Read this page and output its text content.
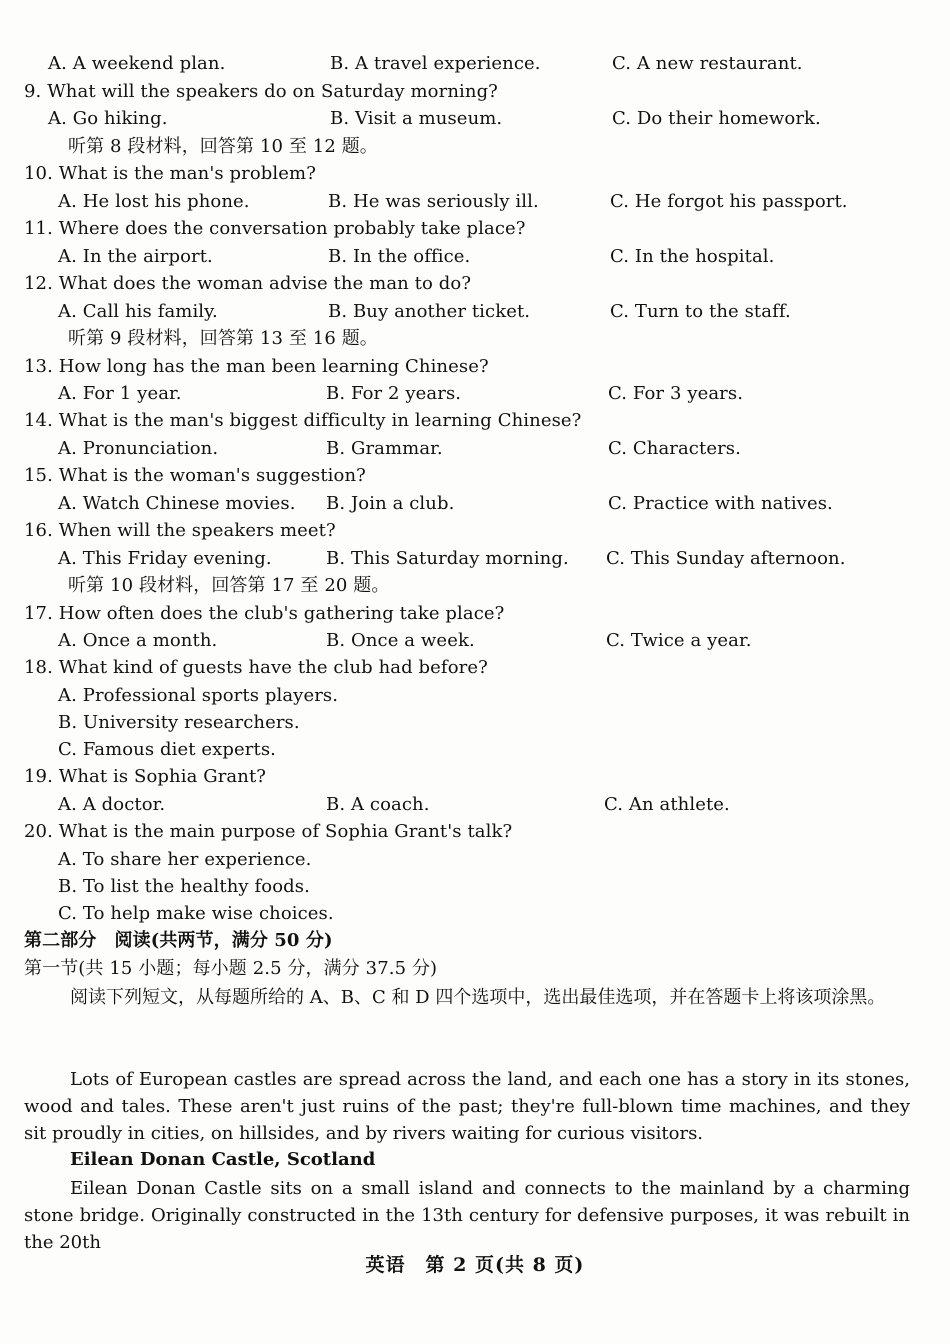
A. A weekend plan.	B. A travel experience.	C. A new restaurant.
9. What will the speakers do on Saturday morning?
A. Go hiking.	B. Visit a museum.	C. Do their homework.
听第 8 段材料，回答第 10 至 12 题。
10. What is the man's problem?
A. He lost his phone.	B. He was seriously ill.	C. He forgot his passport.
11. Where does the conversation probably take place?
A. In the airport.	B. In the office.	C. In the hospital.
12. What does the woman advise the man to do?
A. Call his family.	B. Buy another ticket.	C. Turn to the staff.
听第 9 段材料，回答第 13 至 16 题。
13. How long has the man been learning Chinese?
A. For 1 year.	B. For 2 years.	C. For 3 years.
14. What is the man's biggest difficulty in learning Chinese?
A. Pronunciation.	B. Grammar.	C. Characters.
15. What is the woman's suggestion?
A. Watch Chinese movies. B. Join a club.	C. Practice with natives.
16. When will the speakers meet?
A. This Friday evening.	B. This Saturday morning. C. This Sunday afternoon.
听第 10 段材料，回答第 17 至 20 题。
17. How often does the club's gathering take place?
A. Once a month.	B. Once a week.	C. Twice a year.
18. What kind of guests have the club had before?
A. Professional sports players.
B. University researchers.
C. Famous diet experts.
19. What is Sophia Grant?
A. A doctor.	B. A coach.	C. An athlete.
20. What is the main purpose of Sophia Grant's talk?
A. To share her experience.
B. To list the healthy foods.
C. To help make wise choices.
第二部分　阅读(共两节，满分 50 分)
第一节(共 15 小题；每小题 2.5 分，满分 37.5 分)
阅读下列短文，从每题所给的 A、B、C 和 D 四个选项中，选出最佳选项，并在答题卡上将该项涂黑。
Lots of European castles are spread across the land, and each one has a story in its stones, wood and tales. These aren't just ruins of the past; they're full-blown time machines, and they sit proudly in cities, on hillsides, and by rivers waiting for curious visitors.
Eilean Donan Castle, Scotland
Eilean Donan Castle sits on a small island and connects to the mainland by a charming stone bridge. Originally constructed in the 13th century for defensive purposes, it was rebuilt in the 20th
英语　第 2 页(共 8 页)
